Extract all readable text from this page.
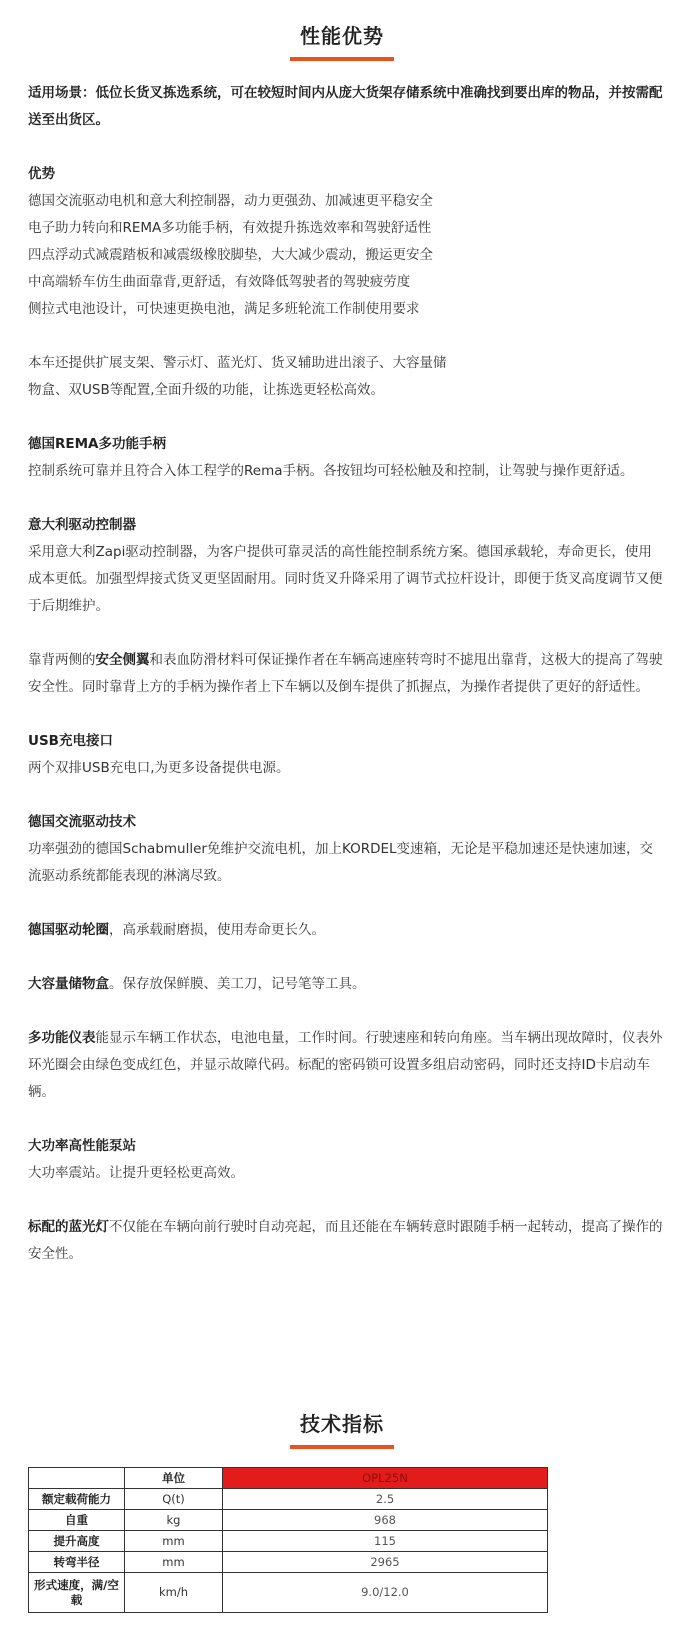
性能优势

适用场景：低位长货叉拣选系统，可在较短时间内从庞大货架存储系统中准确找到要出库的物品，并按需配送至出货区。

优势

德国交流驱动电机和意大利控制器，动力更强劲、加减速更平稳安全

电子助力转向和REMA多功能手柄，有效提升拣选效率和驾驶舒适性

四点浮动式减震踏板和减震级橡胶脚垫，大大减少震动，搬运更安全

中高端轿车仿生曲面靠背,更舒适，有效降低驾驶者的驾驶疲劳度

侧拉式电池设计，可快速更换电池，满足多班轮流工作制使用要求

本车还提供扩展支架、警示灯、蓝光灯、货叉辅助进出滚子、大容量储物盒、双USB等配置,全面升级的功能，让拣选更轻松高效。

德国REMA多功能手柄

控制系统可靠并且符合入体工程学的Rema手柄。各按钮均可轻松触及和控制，让驾驶与操作更舒适。

意大利驱动控制器

采用意大利Zapi驱动控制器，为客户提供可靠灵活的高性能控制系统方案。德国承载轮，寿命更长，使用成本更低。加强型焊接式货叉更坚固耐用。同时货叉升降采用了调节式拉杆设计，即便于货叉高度调节又便于后期维护。

靠背两侧的安全侧翼和表血防滑材料可保证操作者在车辆高速座转弯时不摅甩出靠背，这极大的提高了驾驶安全性。同时靠背上方的手柄为操作者上下车辆以及倒车提供了抓握点，为操作者提供了更好的舒适性。

USB充电接口

两个双排USB充电口,为更多设备提供电源。

德国交流驱动技术

功率强劲的德国Schabmuller免维护交流电机，加上KORDEL变速箱，无论是平稳加速还是快速加速，交流驱动系统都能表现的淋漓尽致。

德国驱动轮圈，高承载耐磨损，使用寿命更长久。

大容量储物盒。保存放保鲜膜、美工刀，记号笔等工具。

多功能仪表能显示车辆工作状态，电池电量，工作时间。行驶速座和转向角座。当车辆出现故障时，仪表外环光圈会由绿色变成红色，并显示故障代码。标配的密码锁可设置多组启动密码，同时还支持ID卡启动车辆。

大功率高性能泵站

大功率震站。让提升更轻松更高效。

标配的蓝光灯不仅能在车辆向前行驶时自动亮起，而且还能在车辆转意时跟随手柄一起转动，提高了操作的安全性。

技术指标
	单位	OPL25N
额定载荷能力	Q(t)	2.5
自重	kg	968
提升高度	mm	115
转弯半径	mm	2965
形式速度，满/空载	km/h	9.0/12.0
